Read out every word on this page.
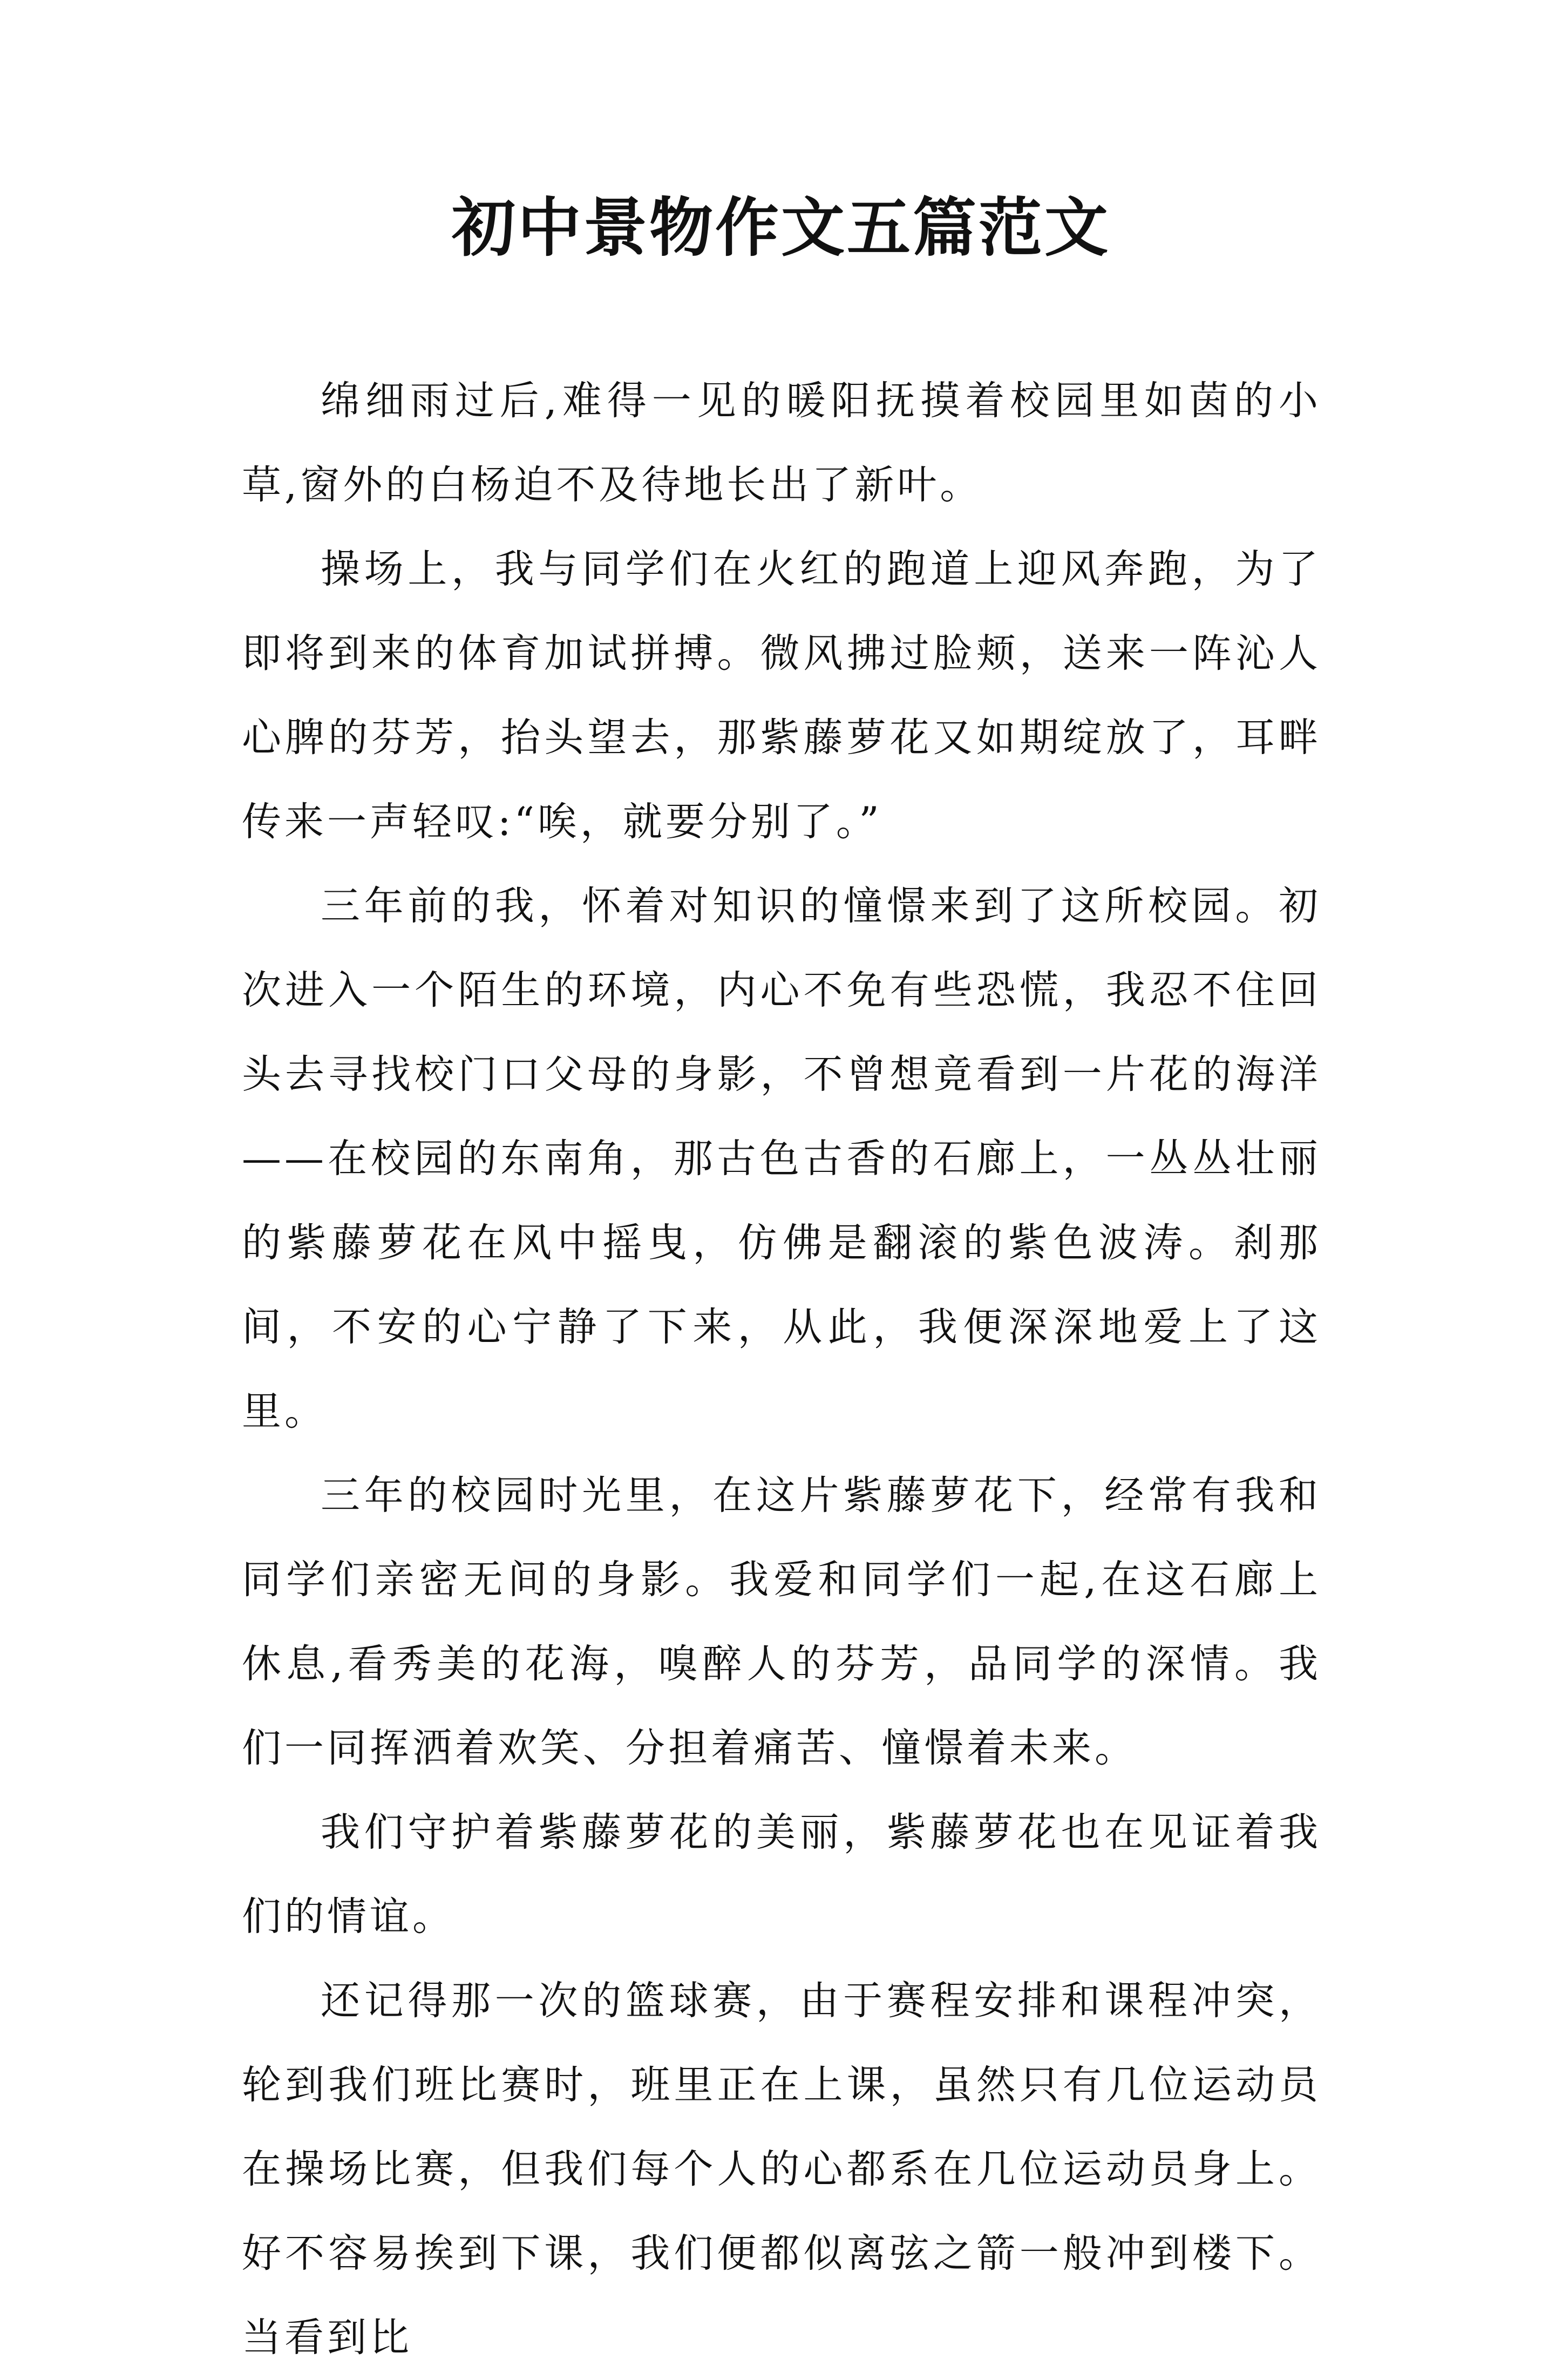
初中景物作文五篇范文

绵细雨过后,难得一见的暖阳抚摸着校园里如茵的小草,窗外的白杨迫不及待地长出了新叶。

操场上，我与同学们在火红的跑道上迎风奔跑，为了即将到来的体育加试拼搏。微风拂过脸颊，送来一阵沁人心脾的芬芳，抬头望去，那紫藤萝花又如期绽放了，耳畔传来一声轻叹:“唉，就要分别了。”

三年前的我，怀着对知识的憧憬来到了这所校园。初次进入一个陌生的环境，内心不免有些恐慌，我忍不住回头去寻找校门口父母的身影，不曾想竟看到一片花的海洋——在校园的东南角，那古色古香的石廊上，一丛丛壮丽的紫藤萝花在风中摇曳，仿佛是翻滚的紫色波涛。刹那间，不安的心宁静了下来，从此，我便深深地爱上了这里。

三年的校园时光里，在这片紫藤萝花下，经常有我和同学们亲密无间的身影。我爱和同学们一起,在这石廊上休息,看秀美的花海，嗅醉人的芬芳，品同学的深情。我们一同挥洒着欢笑、分担着痛苦、憧憬着未来。

我们守护着紫藤萝花的美丽，紫藤萝花也在见证着我们的情谊。

还记得那一次的篮球赛，由于赛程安排和课程冲突，轮到我们班比赛时，班里正在上课，虽然只有几位运动员在操场比赛，但我们每个人的心都系在几位运动员身上。好不容易挨到下课，我们便都似离弦之箭一般冲到楼下。当看到比
